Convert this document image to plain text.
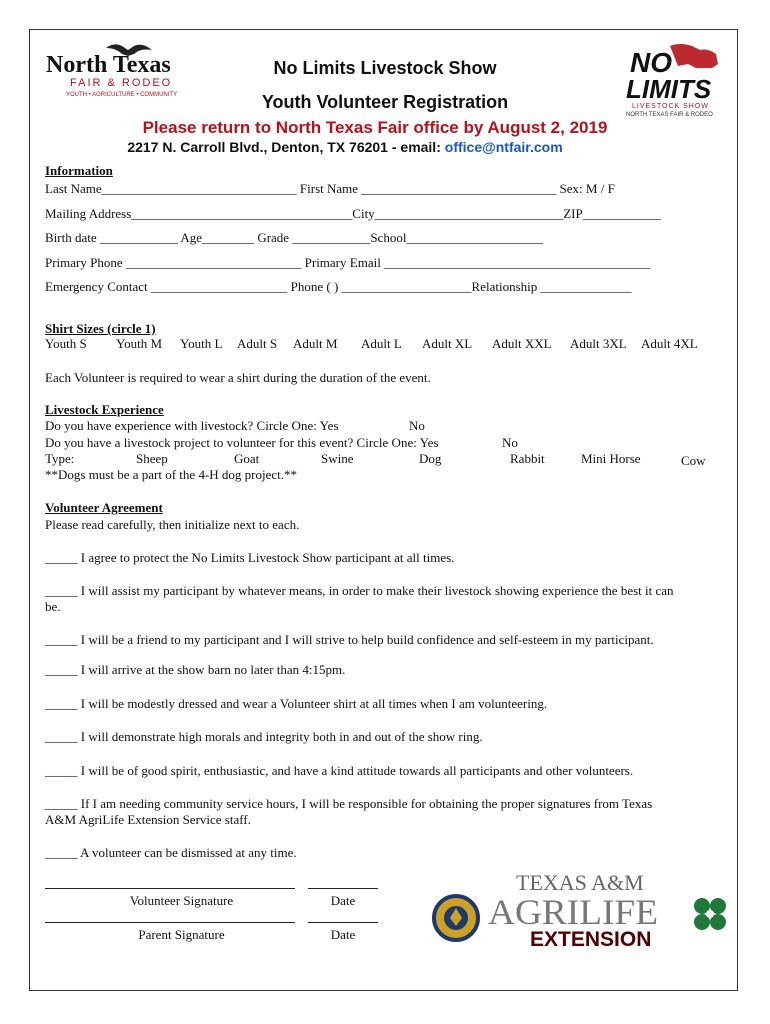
North Texas
FAIR & RODEO
YOUTH • AGRICULTURE • COMMUNITY
NO
LIMITS
LIVESTOCK SHOW
NORTH TEXAS FAIR & RODEO
No Limits Livestock Show
Youth Volunteer Registration
Please return to North Texas Fair office by August 2, 2019
2217 N. Carroll Blvd., Denton, TX 76201 - email: office@ntfair.com
Information
Last Name______________________________ First Name ______________________________ Sex: M / F
Mailing Address__________________________________City_____________________________ZIP____________
Birth date ____________ Age________ Grade ____________School_____________________
Primary Phone ___________________________ Primary Email _________________________________________
Emergency Contact _____________________ Phone ( ) ____________________Relationship ______________
Shirt Sizes (circle 1)
Youth S Youth M Youth L Adult S Adult M Adult L Adult XL Adult XXL Adult 3XL Adult 4XL
Each Volunteer is required to wear a shirt during the duration of the event.
Livestock Experience
Do you have experience with livestock? Circle One: Yes	No
Do you have a livestock project to volunteer for this event? Circle One: Yes	No
Type:	Sheep	Goat	Swine	Dog	Rabbit	Mini Horse	Cow
**Dogs must be a part of the 4-H dog project.**
Volunteer Agreement
Please read carefully, then initialize next to each.
_____ I agree to protect the No Limits Livestock Show participant at all times.
_____ I will assist my participant by whatever means, in order to make their livestock showing experience the best it can
be.
_____ I will be a friend to my participant and I will strive to help build confidence and self-esteem in my participant.
_____ I will arrive at the show barn no later than 4:15pm.
_____ I will be modestly dressed and wear a Volunteer shirt at all times when I am volunteering.
_____ I will demonstrate high morals and integrity both in and out of the show ring.
_____ I will be of good spirit, enthusiastic, and have a kind attitude towards all participants and other volunteers.
_____ If I am needing community service hours, I will be responsible for obtaining the proper signatures from Texas
A&M AgriLife Extension Service staff.
_____ A volunteer can be dismissed at any time.
Volunteer Signature	Date
Parent Signature	Date
TEXAS A&M
AGRILIFE
EXTENSION
